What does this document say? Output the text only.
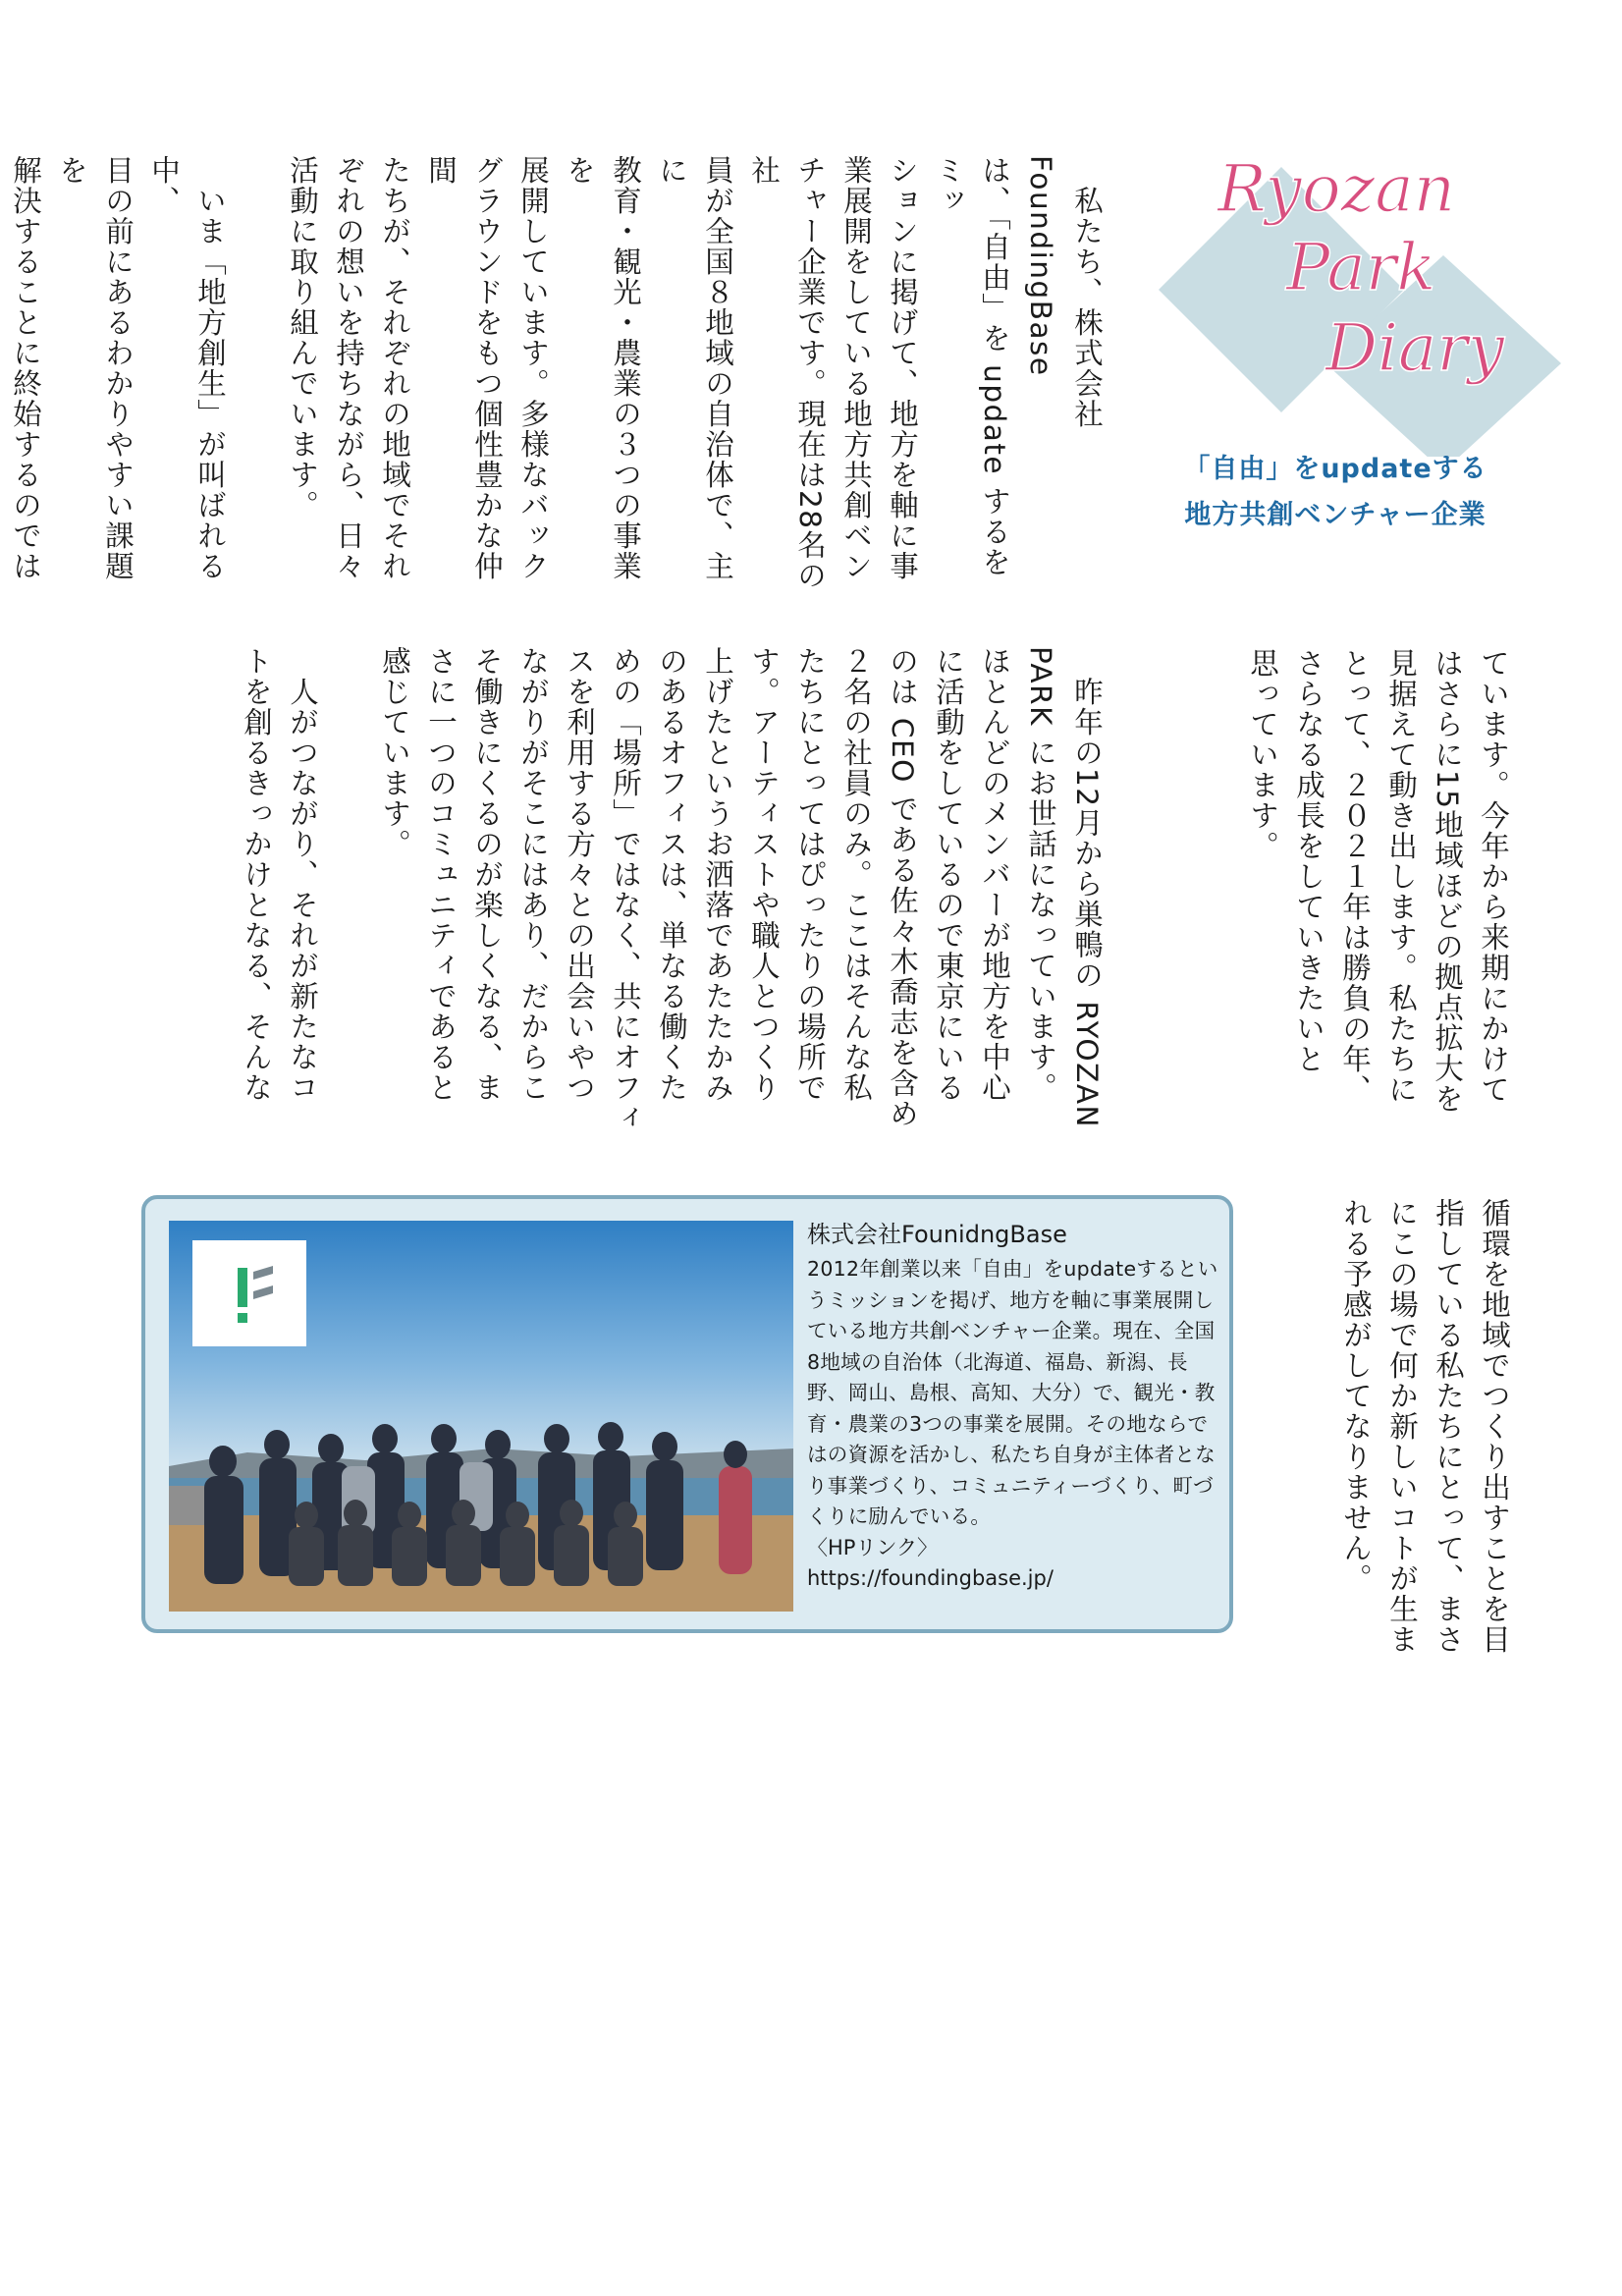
Ryozan
Park
Diary
「自由」をupdateする
地方共創ベンチャー企業
　私たち、株式会社 FoundingBase
は、「自由」を update するをミッ
ションに掲げて、地方を軸に事
業展開をしている地方共創ベン
チャー企業です。現在は28名の社
員が全国８地域の自治体で、主に
教育・観光・農業の３つの事業を
展開しています。多様なバック
グラウンドをもつ個性豊かな仲間
たちが、それぞれの地域でそれ
ぞれの想いを持ちながら、日々
活動に取り組んでいます。

　いま「地方創生」が叫ばれる中、
目の前にあるわかりやすい課題を
解決することに終始するのでは

ています。今年から来期にかけて
はさらに15地域ほどの拠点拡大を
見据えて動き出します。私たちに
とって、２０２１年は勝負の年、
さらなる成長をしていきたいと
思っています。
　昨年の12月から巣鴨の RYOZAN
PARK にお世話になっています。
ほとんどのメンバーが地方を中心
に活動をしているので東京にいる
のは CEO である佐々木喬志を含め
２名の社員のみ。ここはそんな私
たちにとってはぴったりの場所で
す。アーティストや職人とつくり
上げたというお洒落であたたかみ
のあるオフィスは、単なる働くた
めの「場所」ではなく、共にオフィ
スを利用する方々との出会いやつ
ながりがそこにはあり、だからこ
そ働きにくるのが楽しくなる、ま
さに一つのコミュニティであると
感じています。

　人がつながり、それが新たなコ
トを創るきっかけとなる、そんな
循環を地域でつくり出すことを目
指している私たちにとって、まさ
にこの場で何か新しいコトが生ま
れる予感がしてなりません。
株式会社FounidngBase
2012年創業以来「自由」をupdateするというミッションを掲げ、地方を軸に事業展開している地方共創ベンチャー企業。現在、全国8地域の自治体（北海道、福島、新潟、長野、岡山、島根、高知、大分）で、観光・教育・農業の3つの事業を展開。その地ならではの資源を活かし、私たち自身が主体者となり事業づくり、コミュニティーづくり、町づくりに励んでいる。
〈HPリンク〉
https://foundingbase.jp/
